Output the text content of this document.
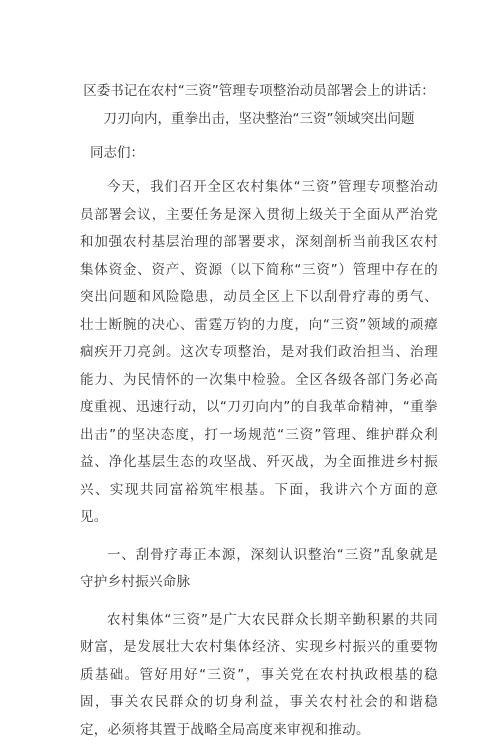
区委书记在农村“三资”管理专项整治动员部署会上的讲话：

刀刃向内，重拳出击，坚决整治“三资”领域突出问题

同志们：

今天，我们召开全区农村集体“三资”管理专项整治动员部署会议，主要任务是深入贯彻上级关于全面从严治党和加强农村基层治理的部署要求，深刻剖析当前我区农村集体资金、资产、资源（以下简称“三资”）管理中存在的突出问题和风险隐患，动员全区上下以刮骨疗毒的勇气、壮士断腕的决心、雷霆万钧的力度，向“三资”领域的顽瘴痼疾开刀亮剑。这次专项整治，是对我们政治担当、治理能力、为民情怀的一次集中检验。全区各级各部门务必高度重视、迅速行动，以“刀刃向内”的自我革命精神，“重拳出击”的坚决态度，打一场规范“三资”管理、维护群众利益、净化基层生态的攻坚战、歼灭战，为全面推进乡村振兴、实现共同富裕筑牢根基。下面，我讲六个方面的意见。

一、刮骨疗毒正本源，深刻认识整治“三资”乱象就是守护乡村振兴命脉

农村集体“三资”是广大农民群众长期辛勤积累的共同财富，是发展壮大农村集体经济、实现乡村振兴的重要物质基础。管好用好“三资”，事关党在农村执政根基的稳固，事关农民群众的切身利益，事关农村社会的和谐稳定，必须将其置于战略全局高度来审视和推动。
